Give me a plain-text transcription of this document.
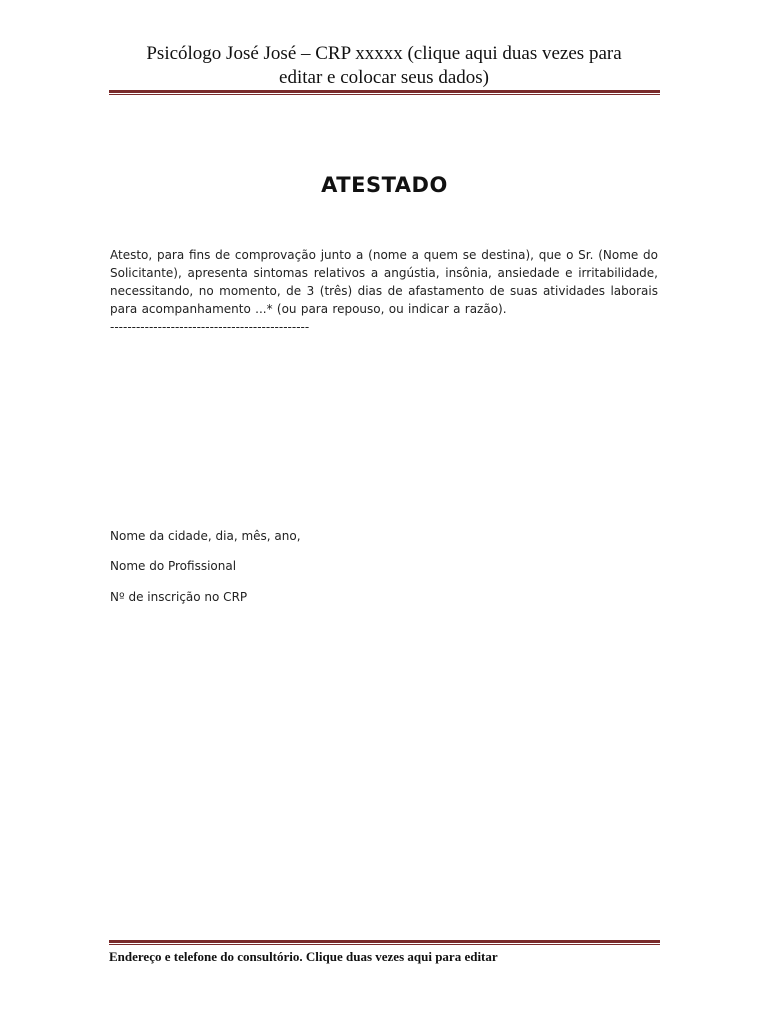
Psicólogo José José – CRP xxxxx (clique aqui duas vezes para
editar e colocar seus dados)
ATESTADO
Atesto, para fins de comprovação junto a (nome a quem se destina), que o Sr. (Nome do Solicitante), apresenta sintomas relativos a angústia, insônia, ansiedade e irritabilidade, necessitando, no momento, de 3 (três) dias de afastamento de suas atividades laborais para acompanhamento ...* (ou para repouso, ou indicar a razão).
----------------------------------------------
Nome da cidade, dia, mês, ano,
Nome do Profissional
Nº de inscrição no CRP
Endereço e telefone do consultório. Clique duas vezes aqui para editar
